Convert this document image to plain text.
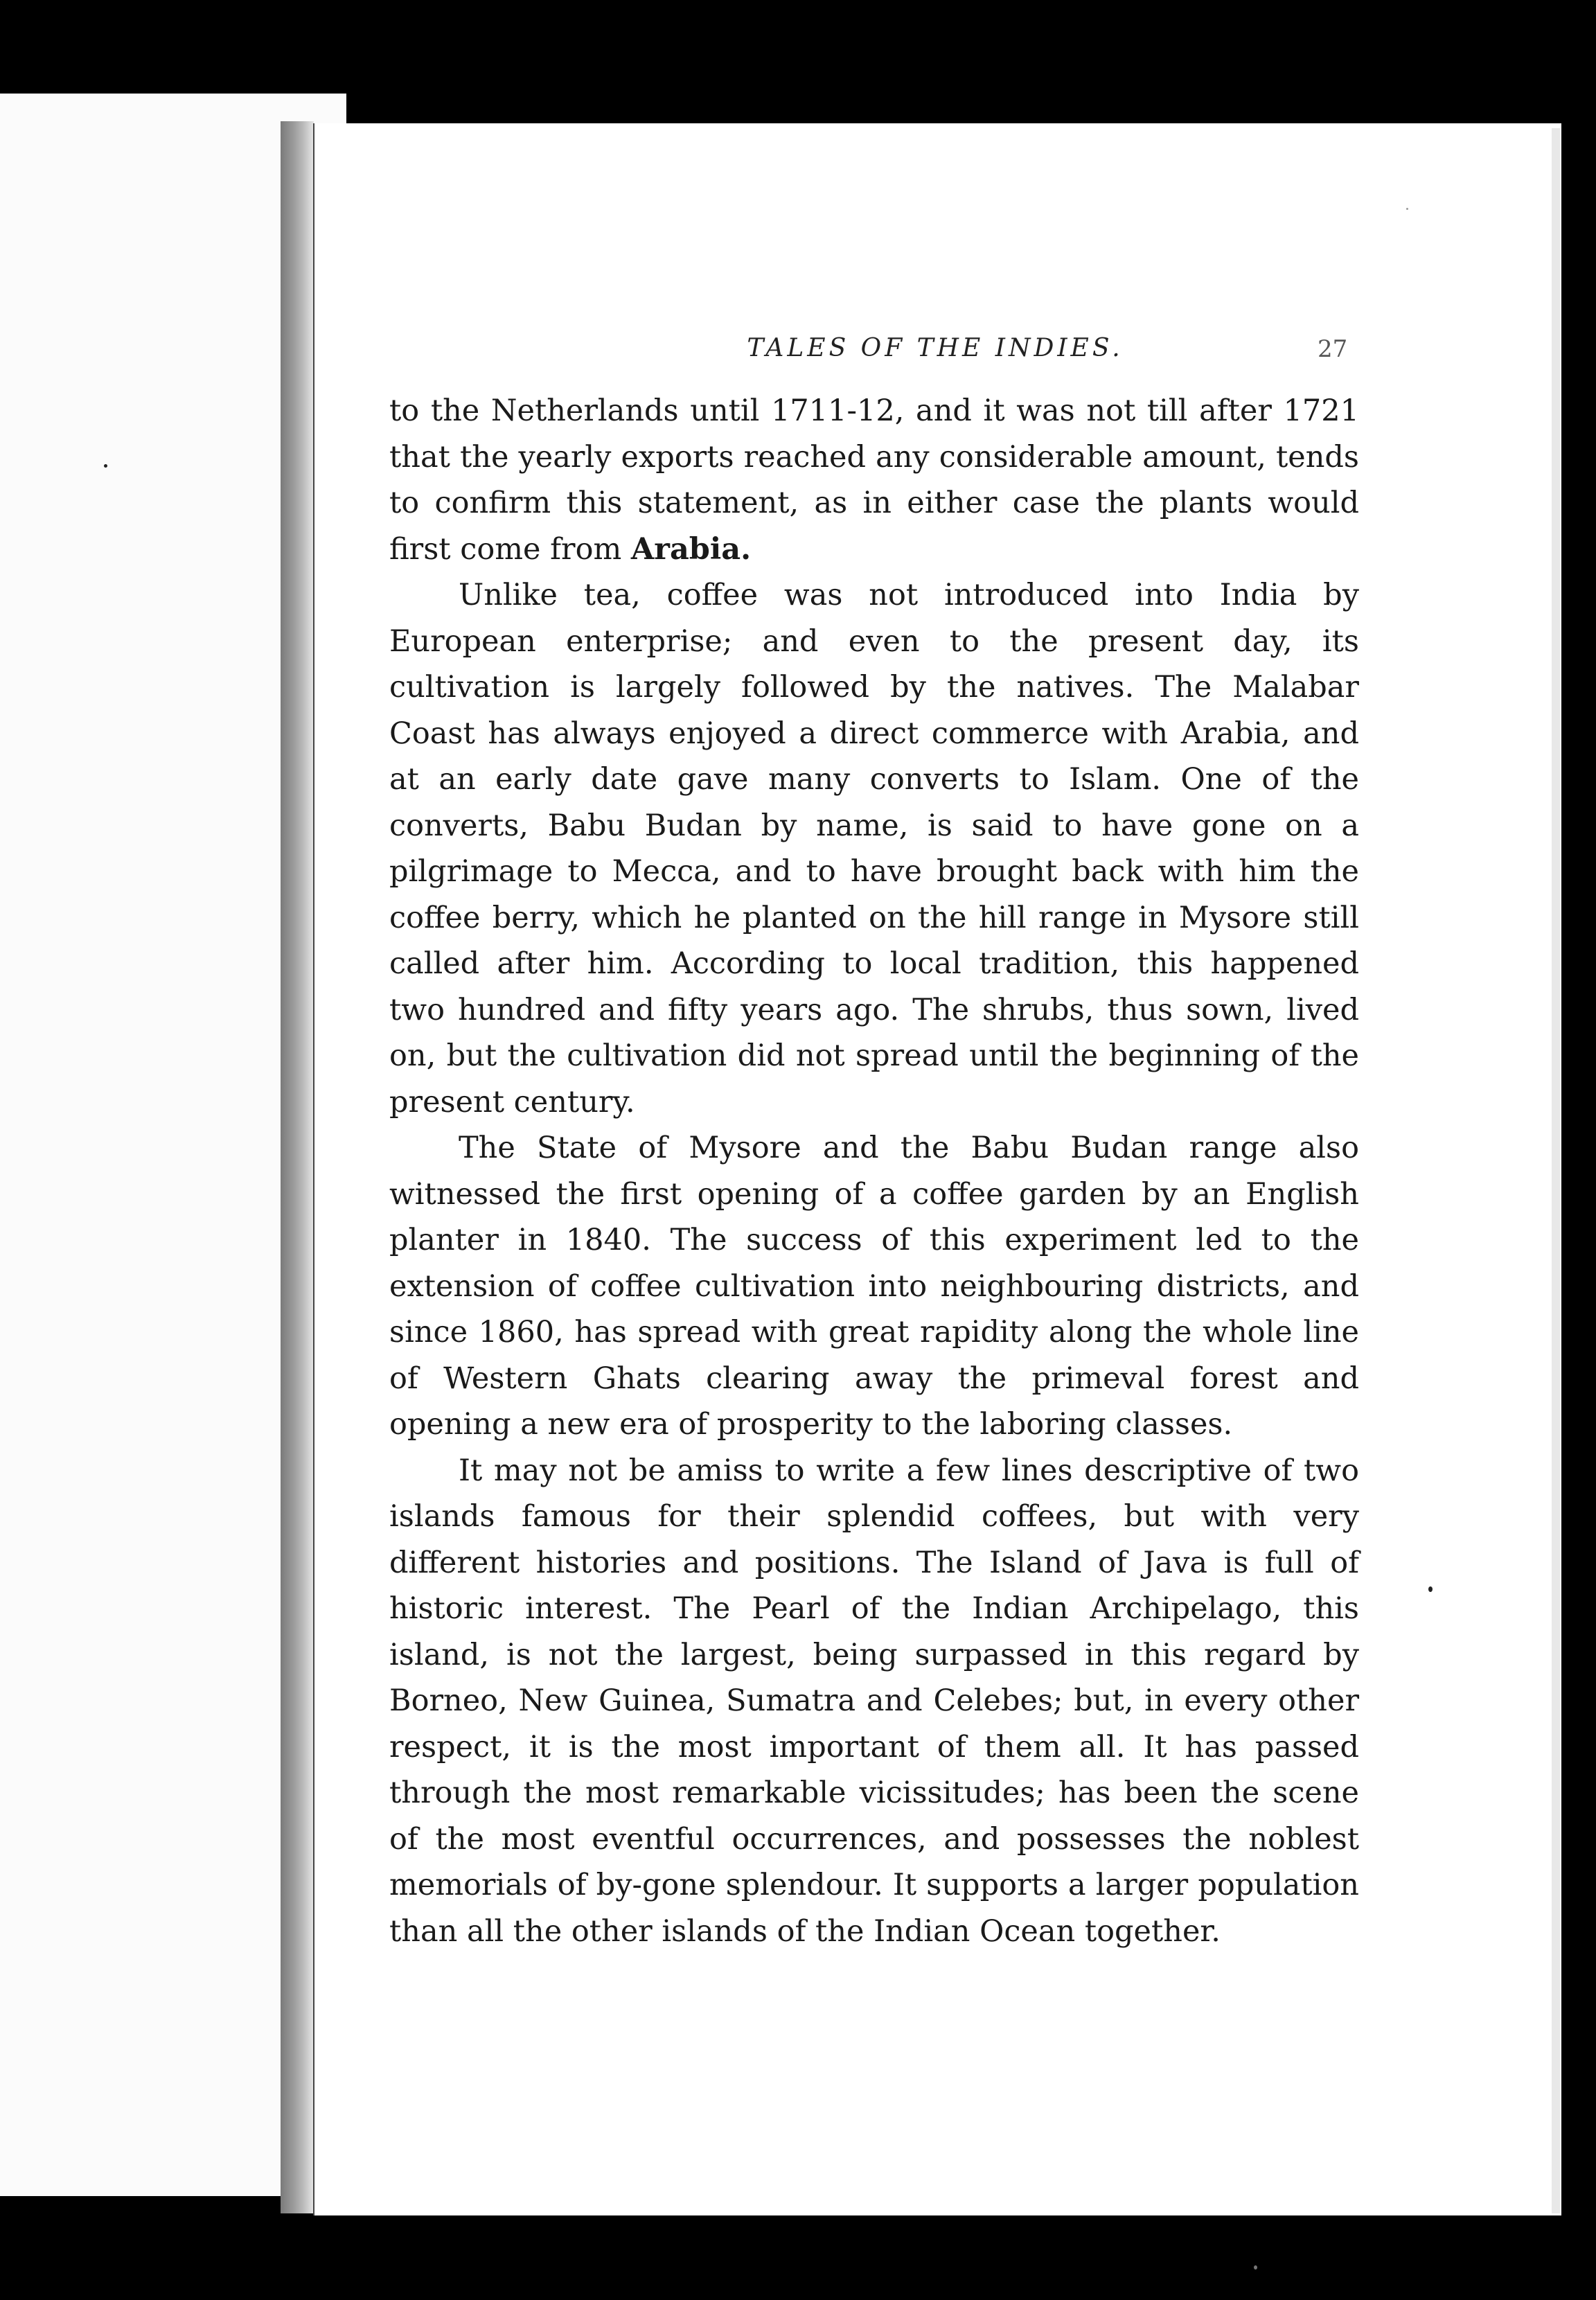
TALES OF THE INDIES.	27

to the Netherlands until 1711-12, and it was not till after 1721 that the yearly exports reached any considerable amount, tends to confirm this statement, as in either case the plants would first come from Arabia.

Unlike tea, coffee was not introduced into India by European enterprise; and even to the present day, its cultivation is largely followed by the natives. The Malabar Coast has always enjoyed a direct commerce with Arabia, and at an early date gave many converts to Islam. One of the converts, Babu Budan by name, is said to have gone on a pilgrimage to Mecca, and to have brought back with him the coffee berry, which he planted on the hill range in Mysore still called after him. According to local tradition, this happened two hundred and fifty years ago. The shrubs, thus sown, lived on, but the cultivation did not spread until the beginning of the present century.

The State of Mysore and the Babu Budan range also witnessed the first opening of a coffee garden by an English planter in 1840. The success of this experiment led to the extension of coffee cultivation into neighbouring districts, and since 1860, has spread with great rapidity along the whole line of Western Ghats clearing away the primeval forest and opening a new era of prosperity to the laboring classes.

It may not be amiss to write a few lines descriptive of two islands famous for their splendid coffees, but with very different histories and positions. The Island of Java is full of historic interest. The Pearl of the Indian Archipelago, this island, is not the largest, being surpassed in this regard by Borneo, New Guinea, Sumatra and Celebes; but, in every other respect, it is the most important of them all. It has passed through the most remarkable vicissitudes; has been the scene of the most eventful occurrences, and possesses the noblest memorials of by-gone splendour. It supports a larger population than all the other islands of the Indian Ocean together.
